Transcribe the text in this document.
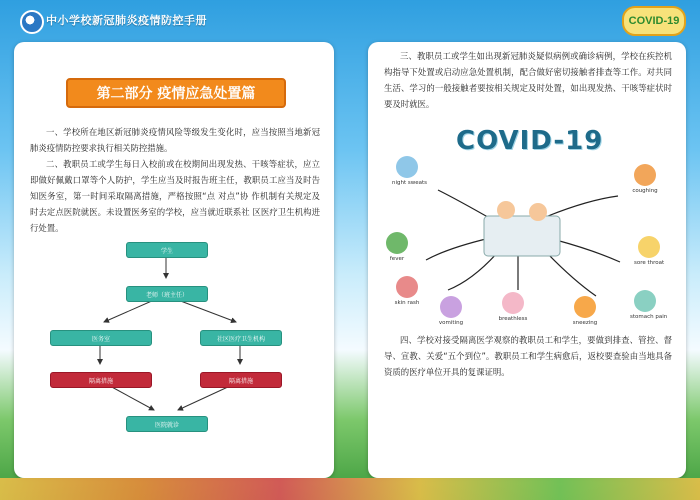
中小学校新冠肺炎疫情防控手册	COVID-19
第二部分 疫情应急处置篇
一、学校所在地区新冠肺炎疫情风险等级发生变化时，应当按照当地新冠肺炎疫情防控要求执行相关防控措施。
二、教职员工或学生每日入校前或在校期间出现发热、干咳等症状，应立即做好佩戴口罩等个人防护，学生应当及时报告班主任，教职员工应当及时告知医务室，第一时间采取隔离措施，严格按照“点 对点”协 作机制有关规定及时去定点医院就医。未设置医务室的学校，应当就近联系社 区医疗卫生机构进行处置。
学生
老师（班主任）
医务室	社区医疗卫生机构
隔离措施	隔离措施
医院就诊
三、教职员工或学生如出现新冠肺炎疑似病例或确诊病例，学校在疾控机构指导下处置或启动应急处置机制，配合做好密切接触者排查等工作。对共同生活、学习的一般接触者要按相关规定及时处置，如出现发热、干咳等症状时要及时就医。
COVID-19
night sweats
coughing
fever
sore throat
skin rash
vomiting
breathless
sneezing
stomach pain
四、学校对接受隔离医学观察的教职员工和学生，要做到排查、管控、督导、宣教、关爱“五个到位”。教职员工和学生病愈后，返校要查验由当地具备资质的医疗单位开具的复课证明。
